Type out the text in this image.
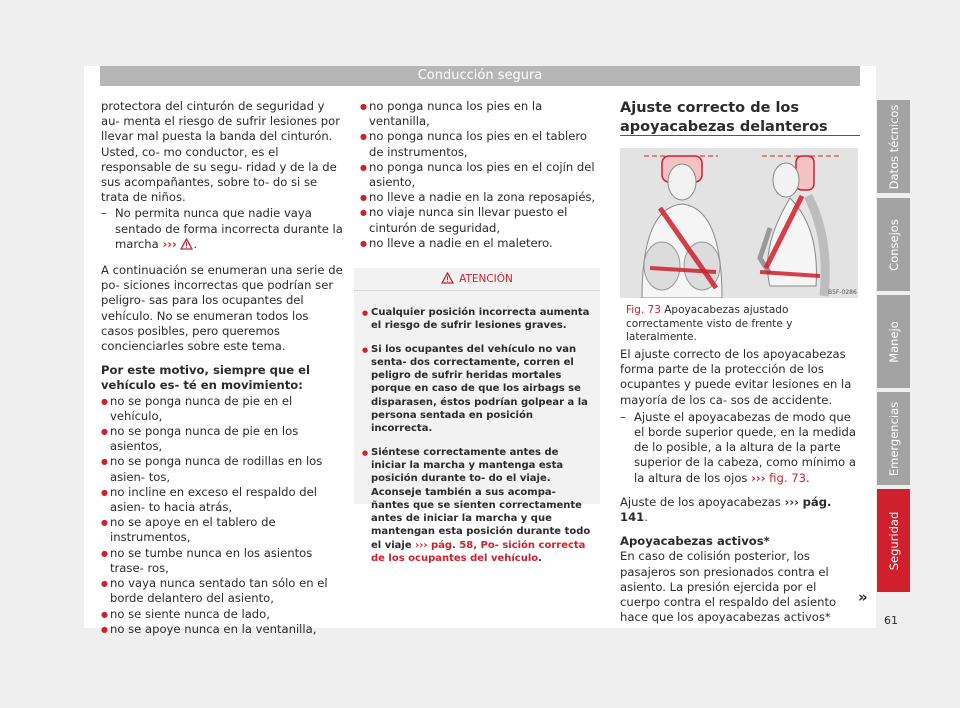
Conducción segura

protectora del cinturón de seguridad y au- menta el riesgo de sufrir lesiones por llevar mal puesta la banda del cinturón. Usted, co- mo conductor, es el responsable de su segu- ridad y de la de sus acompañantes, sobre to- do si se trata de niños.

– No permita nunca que nadie vaya sentado de forma incorrecta durante la marcha ››› .

A continuación se enumeran una serie de po- siciones incorrectas que podrían ser peligro- sas para los ocupantes del vehículo. No se enumeran todos los casos posibles, pero queremos concienciarles sobre este tema.

Por este motivo, siempre que el vehículo es- té en movimiento:

● no se ponga nunca de pie en el vehículo,

● no se ponga nunca de pie en los asientos,

● no se ponga nunca de rodillas en los asien- tos,

● no incline en exceso el respaldo del asien- to hacia atrás,

● no se apoye en el tablero de instrumentos,

● no se tumbe nunca en los asientos trase- ros,

● no vaya nunca sentado tan sólo en el borde delantero del asiento,

● no se siente nunca de lado,

● no se apoye nunca en la ventanilla,

● no ponga nunca los pies en la ventanilla,

● no ponga nunca los pies en el tablero de instrumentos,

● no ponga nunca los pies en el cojín del asiento,

● no lleve a nadie en la zona reposapiés,

● no viaje nunca sin llevar puesto el cinturón de seguridad,

● no lleve a nadie en el maletero.

ATENCIÓN

● Cualquier posición incorrecta aumenta el riesgo de sufrir lesiones graves.

● Si los ocupantes del vehículo no van senta- dos correctamente, corren el peligro de sufrir heridas mortales porque en caso de que los airbags se disparasen, éstos podrían golpear a la persona sentada en posición incorrecta.

● Siéntese correctamente antes de iniciar la marcha y mantenga esta posición durante to- do el viaje. Aconseje también a sus acompa- ñantes que se sienten correctamente antes de iniciar la marcha y que mantengan esta posición durante todo el viaje ››› pág. 58, Po- sición correcta de los ocupantes del vehículo.

Ajuste correcto de los apoyacabezas delanteros
B5F-0286
Fig. 73 Apoyacabezas ajustado correctamente visto de frente y lateralmente.

El ajuste correcto de los apoyacabezas forma parte de la protección de los ocupantes y puede evitar lesiones en la mayoría de los ca- sos de accidente.

– Ajuste el apoyacabezas de modo que el borde superior quede, en la medida de lo posible, a la altura de la parte superior de la cabeza, como mínimo a la altura de los ojos ››› fig. 73.

Ajuste de los apoyacabezas ››› pág. 141.

Apoyacabezas activos*

En caso de colisión posterior, los pasajeros son presionados contra el asiento. La presión ejercida por el cuerpo contra el respaldo del asiento hace que los apoyacabezas activos*

»
Datos técnicos
Consejos
Manejo
Emergencias
Seguridad
61
